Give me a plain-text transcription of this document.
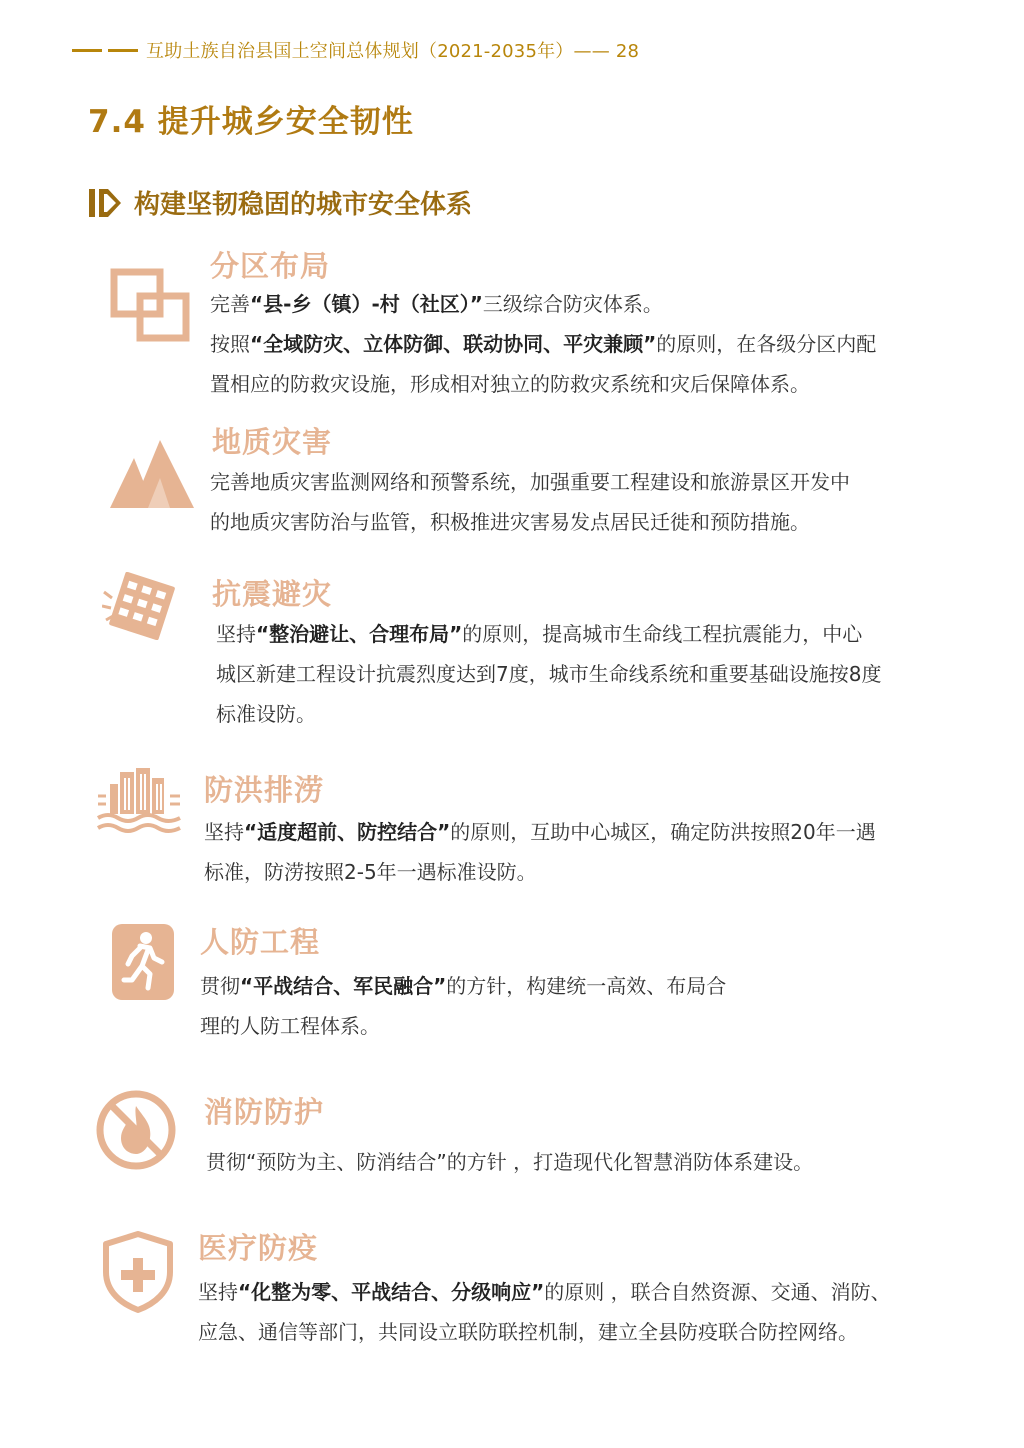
互助土族自治县国土空间总体规划（2021-2035年）—— 28
7.4 提升城乡安全韧性
构建坚韧稳固的城市安全体系
分区布局

完善“县-乡（镇）-村（社区）”三级综合防灾体系。

按照“全域防灾、立体防御、联动协同、平灾兼顾”的原则，在各级分区内配

置相应的防救灾设施，形成相对独立的防救灾系统和灾后保障体系。

地质灾害

完善地质灾害监测网络和预警系统，加强重要工程建设和旅游景区开发中

的地质灾害防治与监管，积极推进灾害易发点居民迁徙和预防措施。

抗震避灾

坚持“整治避让、合理布局”的原则，提高城市生命线工程抗震能力，中心

城区新建工程设计抗震烈度达到7度，城市生命线系统和重要基础设施按8度

标准设防。

防洪排涝

坚持“适度超前、防控结合”的原则，互助中心城区，确定防洪按照20年一遇

标准，防涝按照2-5年一遇标准设防。

人防工程

贯彻“平战结合、军民融合”的方针，构建统一高效、布局合

理的人防工程体系。

消防防护

贯彻“预防为主、防消结合”的方针 ，打造现代化智慧消防体系建设。

医疗防疫

坚持“化整为零、平战结合、分级响应”的原则 ，联合自然资源、交通、消防、

应急、通信等部门，共同设立联防联控机制，建立全县防疫联合防控网络。
